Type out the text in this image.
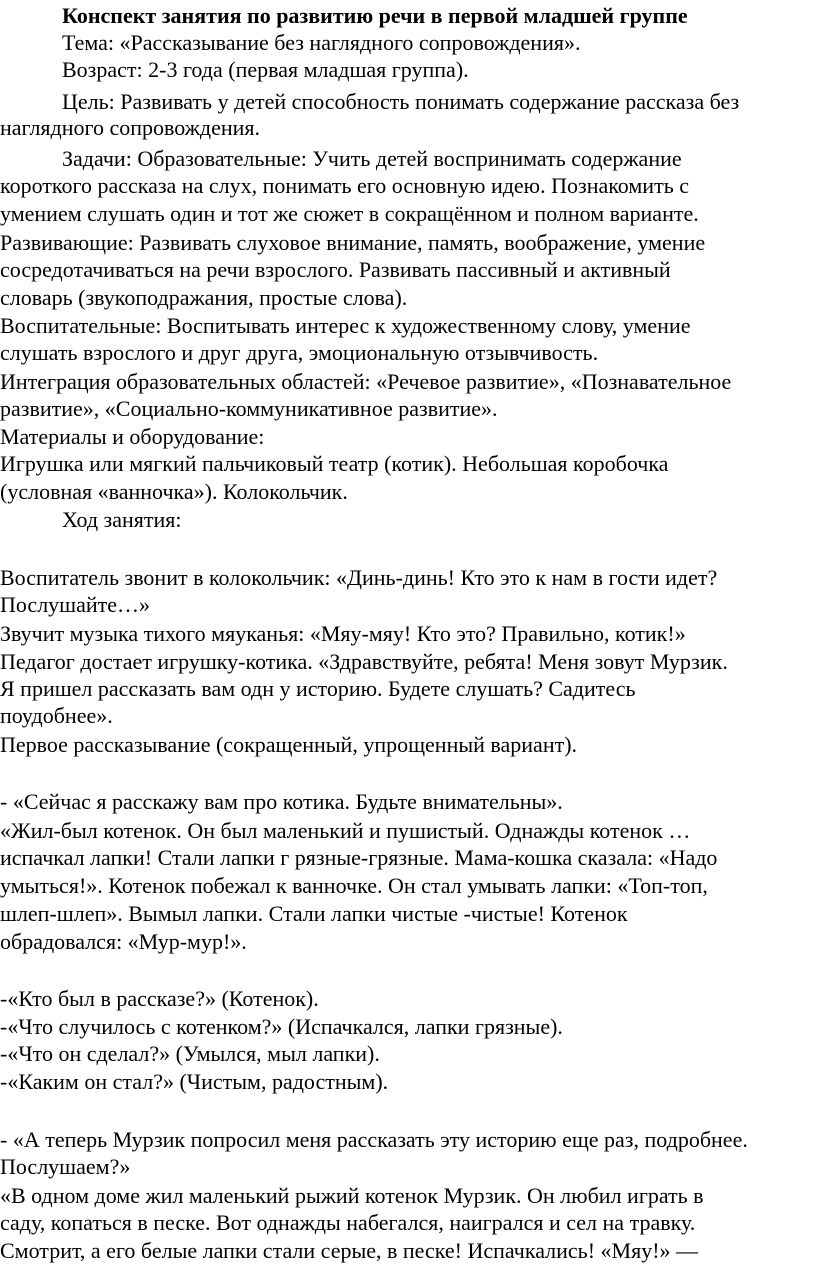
Конспект занятия по развитию речи в первой младшей группе
Тема: «Рассказывание без наглядного сопровождения».
Возраст: 2-3 года (первая младшая группа).
Цель: Развивать у детей способность понимать содержание рассказа без
наглядного сопровождения.
Задачи: Образовательные: Учить детей воспринимать содержание
короткого рассказа на слух, понимать его основную идею. Познакомить с
умением слушать один и тот же сюжет в сокращённом и полном варианте.
Развивающие: Развивать слуховое внимание, память, воображение, умение
сосредотачиваться на речи взрослого. Развивать пассивный и активный
словарь (звукоподражания, простые слова).
Воспитательные: Воспитывать интерес к художественному слову, умение
слушать взрослого и друг друга, эмоциональную отзывчивость.
Интеграция образовательных областей: «Речевое развитие», «Познавательное
развитие», «Социально-коммуникативное развитие».
Материалы и оборудование:
Игрушка или мягкий пальчиковый театр (котик). Небольшая коробочка
(условная «ванночка»). Колокольчик.
Ход занятия:
Воспитатель звонит в колокольчик: «Динь-динь! Кто это к нам в гости идет?
Послушайте…»
Звучит музыка тихого мяуканья: «Мяу-мяу! Кто это? Правильно, котик!»
Педагог достает игрушку-котика. «Здравствуйте, ребята! Меня зовут Мурзик.
Я пришел рассказать вам одн у историю. Будете слушать? Садитесь
поудобнее».
Первое рассказывание (сокращенный, упрощенный вариант).
- «Сейчас я расскажу вам про котика. Будьте внимательны».
«Жил-был котенок. Он был маленький и пушистый. Однажды котенок …
испачкал лапки! Стали лапки г рязные-грязные. Мама-кошка сказала: «Надо
умыться!». Котенок побежал к ванночке. Он стал умывать лапки: «Топ-топ,
шлеп-шлеп». Вымыл лапки. Стали лапки чистые -чистые! Котенок
обрадовался: «Мур-мур!».
-«Кто был в рассказе?» (Котенок).
-«Что случилось с котенком?» (Испачкался, лапки грязные).
-«Что он сделал?» (Умылся, мыл лапки).
-«Каким он стал?» (Чистым, радостным).
- «А теперь Мурзик попросил меня рассказать эту историю еще раз, подробнее.
Послушаем?»
«В одном доме жил маленький рыжий котенок Мурзик. Он любил играть в
саду, копаться в песке. Вот однажды набегался, наигрался и сел на травку.
Смотрит, а его белые лапки стали серые, в песке! Испачкались! «Мяу!» —
